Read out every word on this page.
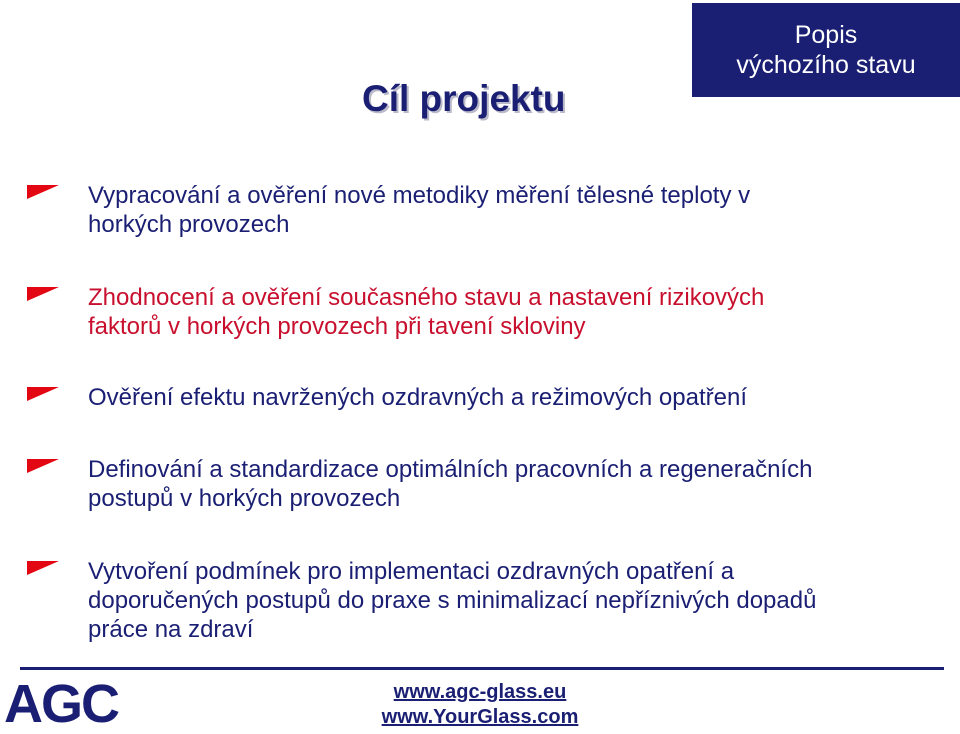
Popis
výchozího stavu
Cíl projektu
Vypracování a ověření nové metodiky měření tělesné teploty v
horkých provozech
Zhodnocení a ověření současného stavu a nastavení rizikových
faktorů v horkých provozech při tavení skloviny
Ověření efektu navržených ozdravných a režimových opatření
Definování a standardizace optimálních pracovních a regeneračních
postupů v horkých provozech
Vytvoření podmínek pro implementaci ozdravných opatření a
doporučených postupů do praxe s minimalizací nepříznivých dopadů
práce na zdraví
AGC	www.agc-glass.eu
www.YourGlass.com
